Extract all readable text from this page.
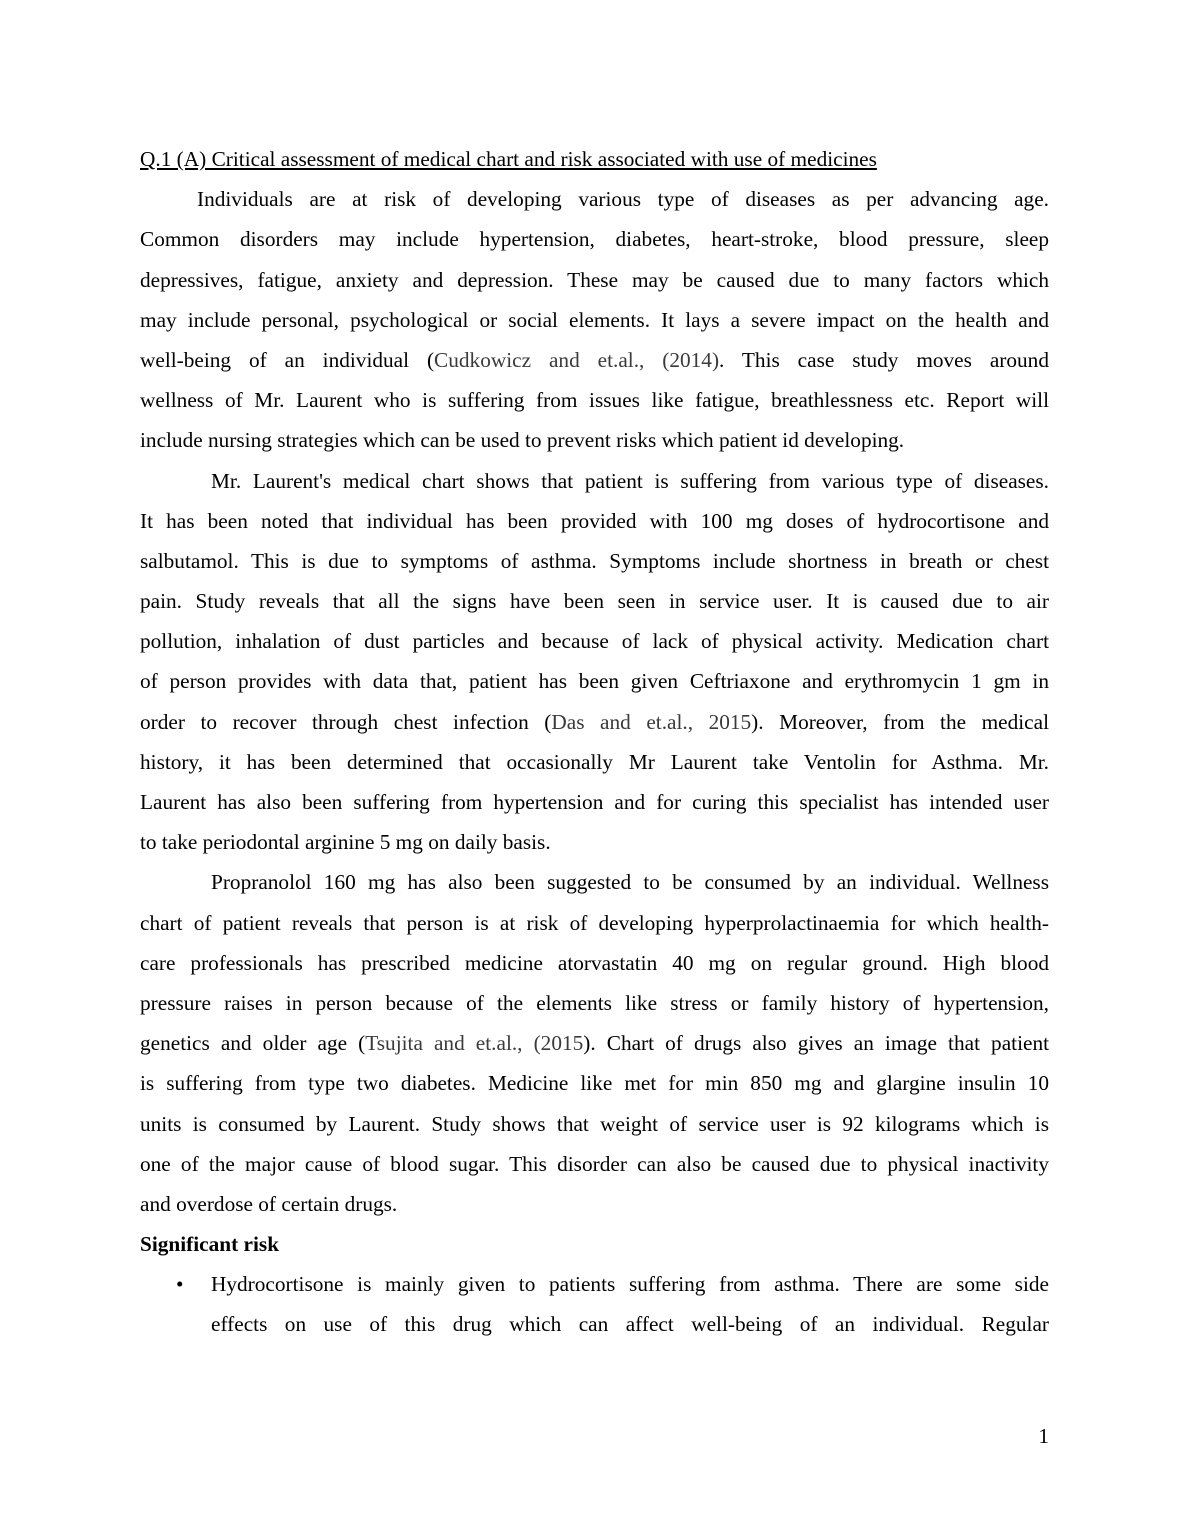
Q.1 (A) Critical assessment of medical chart and risk associated with use of medicines
Individuals are at risk of developing various type of diseases as per advancing age.
Common disorders may include hypertension, diabetes, heart-stroke, blood pressure, sleep
depressives, fatigue, anxiety and depression. These may be caused due to many factors which
may include personal, psychological or social elements. It lays a severe impact on the health and
well-being of an individual (Cudkowicz and et.al., (2014). This case study moves around
wellness of Mr. Laurent who is suffering from issues like fatigue, breathlessness etc. Report will
include nursing strategies which can be used to prevent risks which patient id developing.
Mr. Laurent's medical chart shows that patient is suffering from various type of diseases.
It has been noted that individual has been provided with 100 mg doses of hydrocortisone and
salbutamol. This is due to symptoms of asthma. Symptoms include shortness in breath or chest
pain. Study reveals that all the signs have been seen in service user. It is caused due to air
pollution, inhalation of dust particles and because of lack of physical activity. Medication chart
of person provides with data that, patient has been given Ceftriaxone and erythromycin 1 gm in
order to recover through chest infection (Das and et.al., 2015). Moreover, from the medical
history, it has been determined that occasionally Mr Laurent take Ventolin for Asthma. Mr.
Laurent has also been suffering from hypertension and for curing this specialist has intended user
to take periodontal arginine 5 mg on daily basis.
Propranolol 160 mg has also been suggested to be consumed by an individual. Wellness
chart of patient reveals that person is at risk of developing hyperprolactinaemia for which health-
care professionals has prescribed medicine atorvastatin 40 mg on regular ground. High blood
pressure raises in person because of the elements like stress or family history of hypertension,
genetics and older age (Tsujita and et.al., (2015). Chart of drugs also gives an image that patient
is suffering from type two diabetes. Medicine like met for min 850 mg and glargine insulin 10
units is consumed by Laurent. Study shows that weight of service user is 92 kilograms which is
one of the major cause of blood sugar. This disorder can also be caused due to physical inactivity
and overdose of certain drugs.
Significant risk
• Hydrocortisone is mainly given to patients suffering from asthma. There are some side
effects on use of this drug which can affect well-being of an individual. Regular
1
